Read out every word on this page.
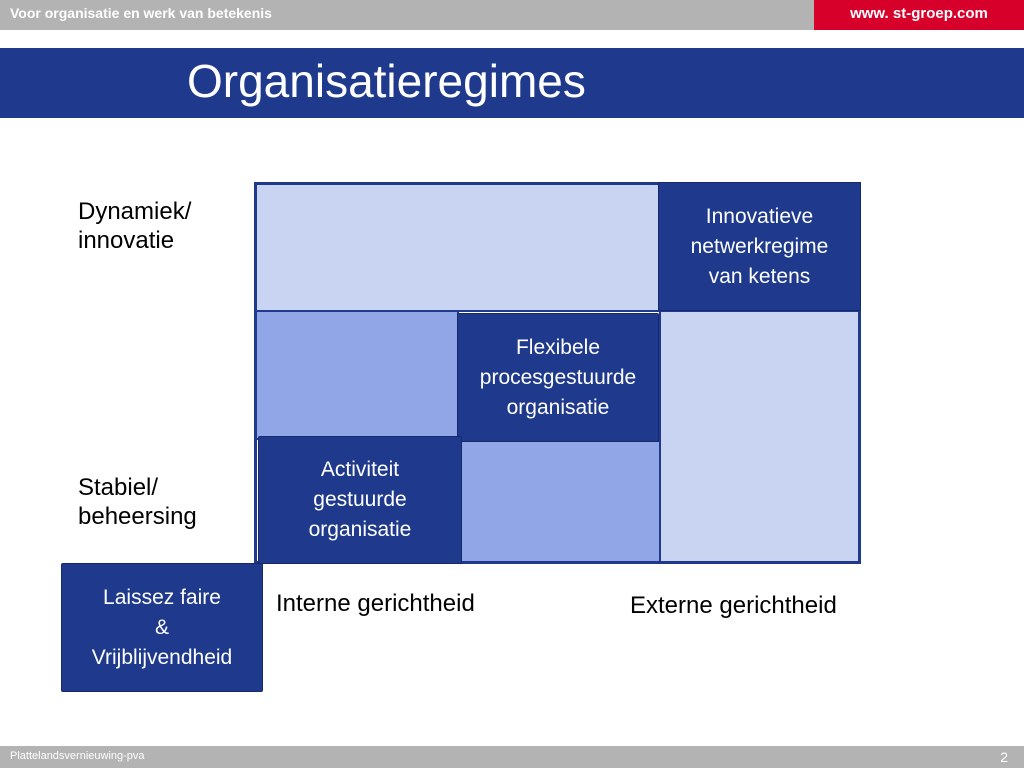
Voor organisatie en werk van betekenis	www. st-groep.com
Organisatieregimes
Dynamiek/
innovatie
Stabiel/
beheersing
Innovatieve
netwerkregime
van ketens
Flexibele
procesgestuurde
organisatie
Activiteit
gestuurde
organisatie
Laissez faire
&
Vrijblijvendheid
Interne gerichtheid	Externe gerichtheid
Plattelandsvernieuwing-pva	2
